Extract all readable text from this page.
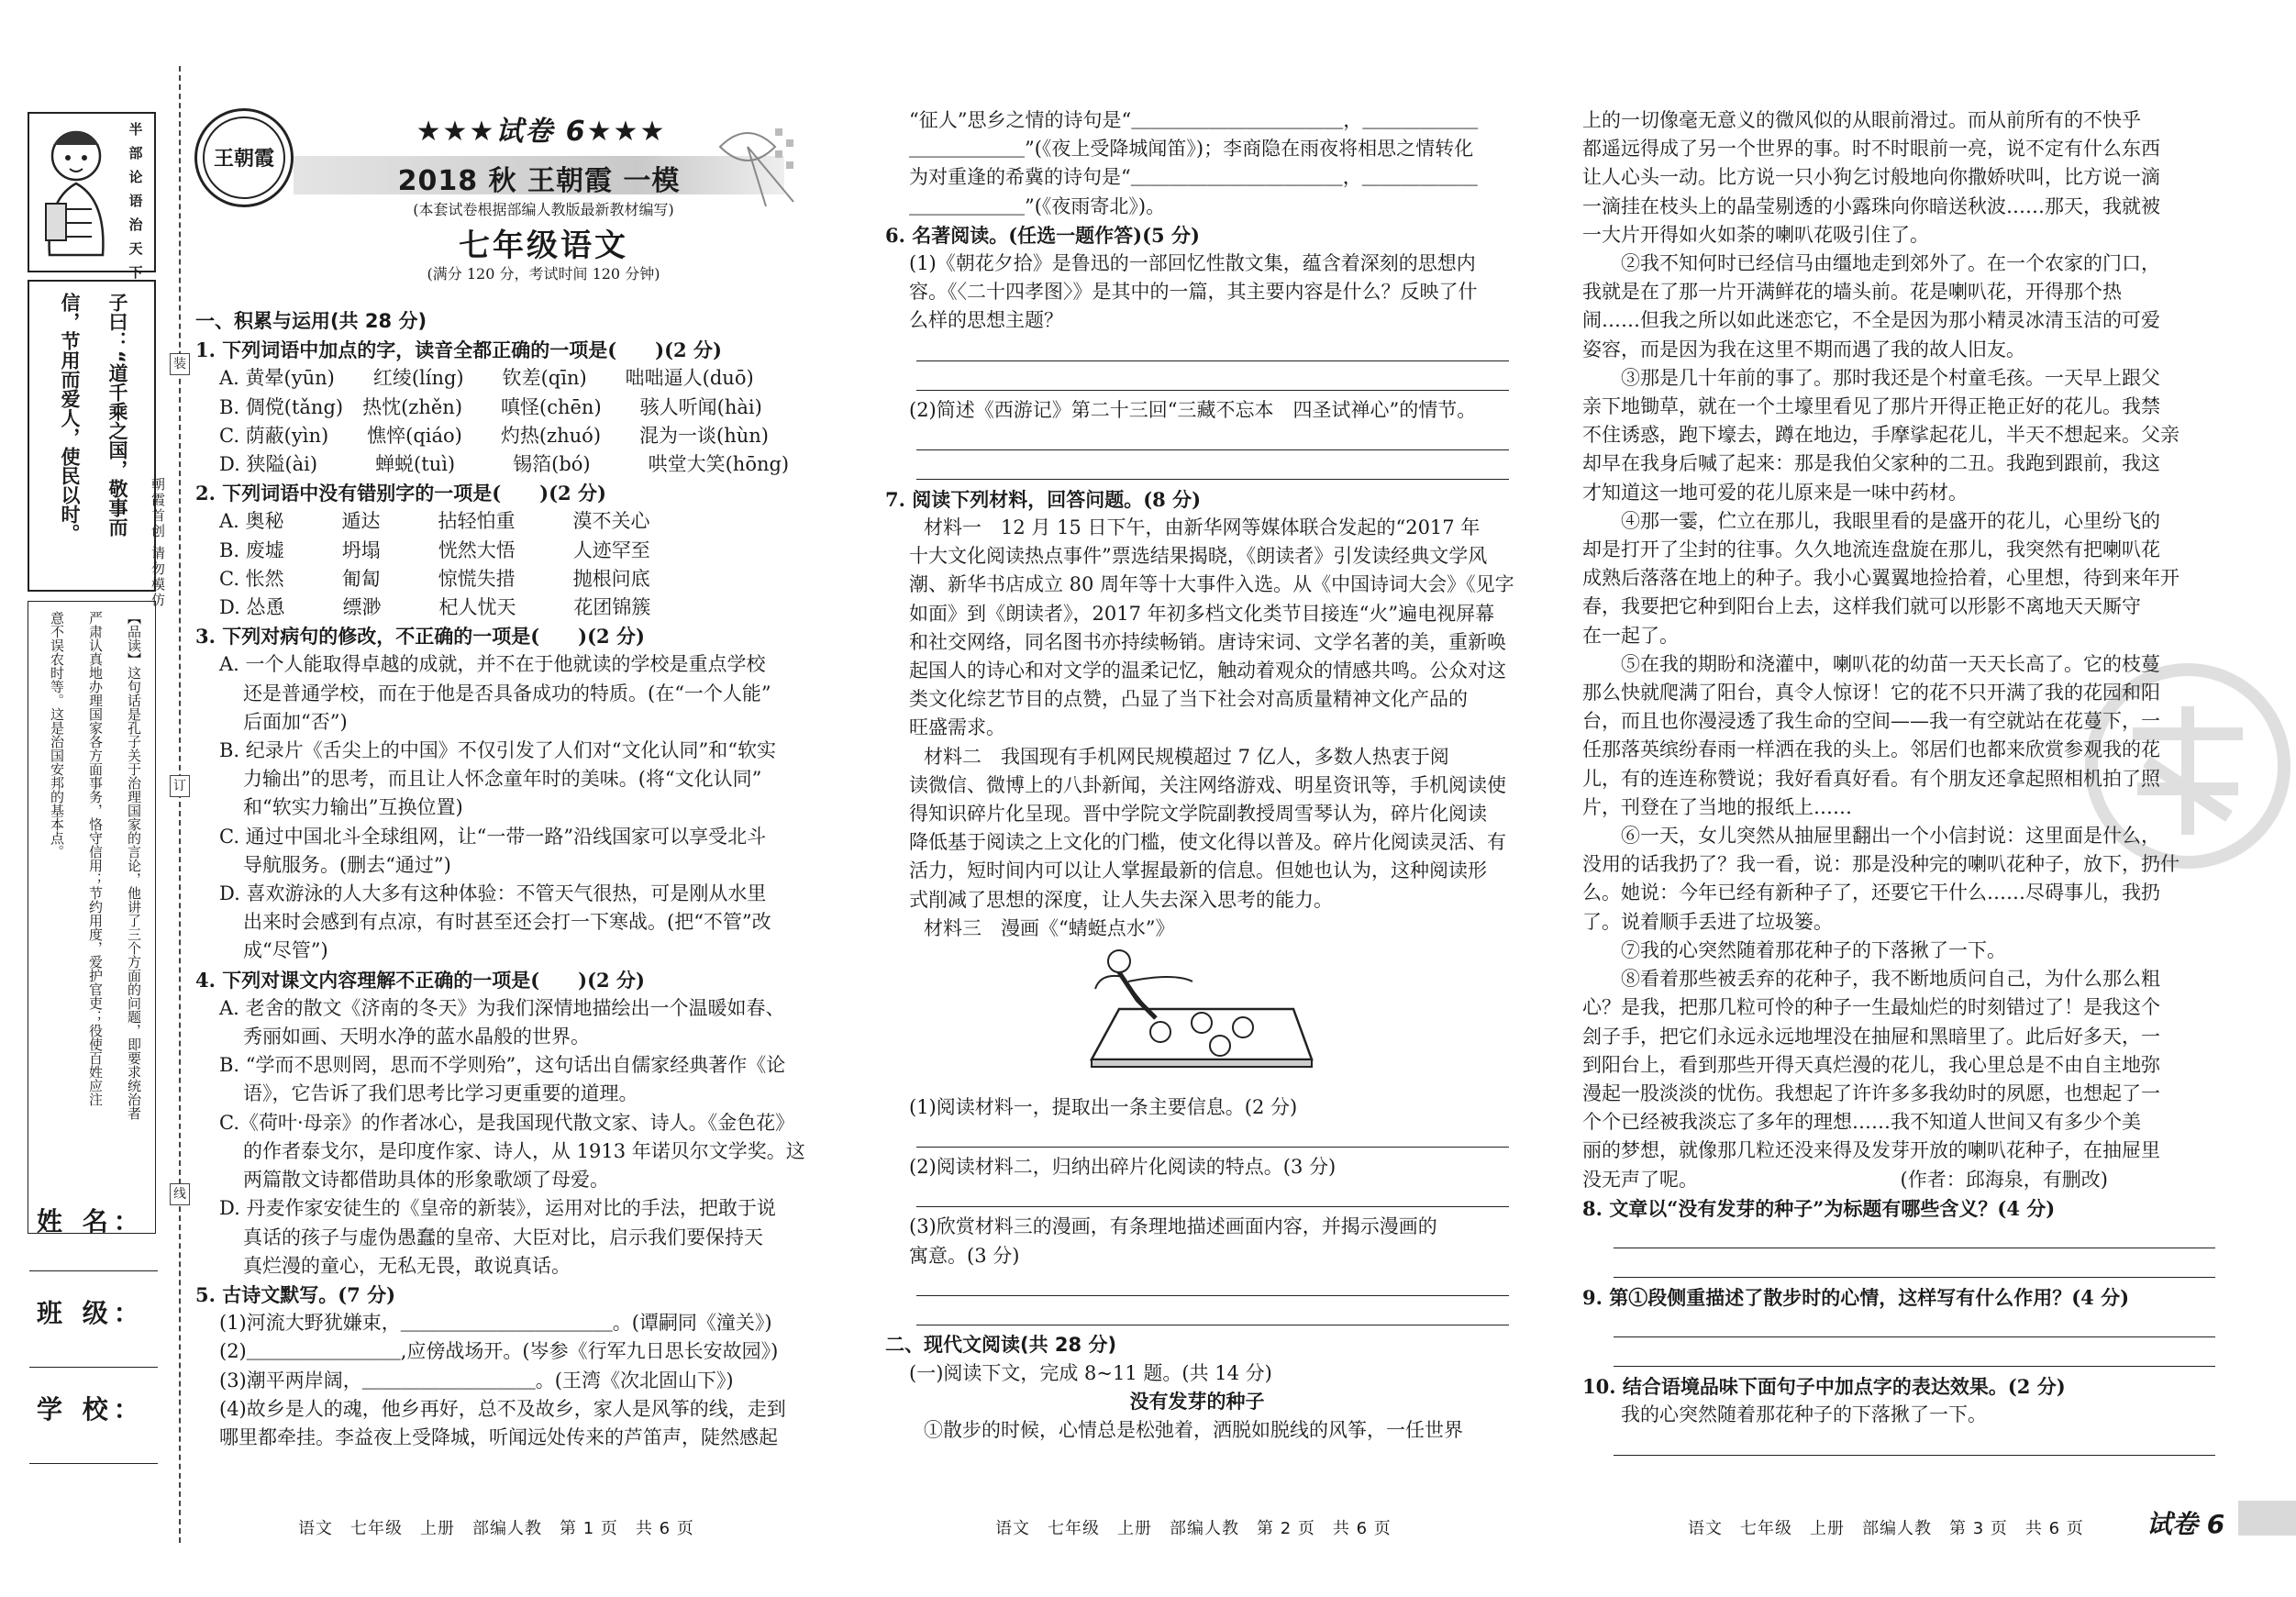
半
部
论
语
治
天
下
子曰：“道千乘之国，敬事而
信，节用而爱人，使民以时。
【品读】这句话是孔子关于治理国家的言论，他讲了三个方面的问题，即要求统治者
严肃认真地办理国家各方面事务，恪守信用；节约用度，爱护官吏；役使百姓应注
意不误农时等。这是治国安邦的基本点。
装
订
线
朝霞首创 请勿模仿
姓 名：
班 级：
学 校：
王朝霞
★★★试卷 6★★★
2018 秋 王朝霞 一模
(本套试卷根据部编人教版最新教材编写)
七年级语文
(满分 120 分，考试时间 120 分钟)

一、积累与运用(共 28 分)

1. 下列词语中加点的字，读音全都正确的一项是(　　)(2 分)

A. 黄晕(yūn)　　红绫(líng)　　钦差(qīn)　　咄咄逼人(duō)

B. 倜傥(tǎng)　热忱(zhěn)　　嗔怪(chēn)　　骇人听闻(hài)

C. 荫蔽(yìn)　　憔悴(qiáo)　　灼热(zhuó)　　混为一谈(hùn)

D. 狭隘(ài)　　　蝉蜕(tuì)　　　锡箔(bó)　　　哄堂大笑(hōng)

2. 下列词语中没有错别字的一项是(　　)(2 分)

A. 奥秘　　　遁达　　　拈轻怕重　　　漠不关心

B. 废墟　　　坍塌　　　恍然大悟　　　人迹罕至

C. 怅然　　　匍匐　　　惊慌失措　　　抛根问底

D. 怂恿　　　缥渺　　　杞人忧天　　　花团锦簇

3. 下列对病句的修改，不正确的一项是(　　)(2 分)

A. 一个人能取得卓越的成就，并不在于他就读的学校是重点学校

还是普通学校，而在于他是否具备成功的特质。(在“一个人能”

后面加“否”)

B. 纪录片《舌尖上的中国》不仅引发了人们对“文化认同”和“软实

力输出”的思考，而且让人怀念童年时的美味。(将“文化认同”

和“软实力输出”互换位置)

C. 通过中国北斗全球组网，让“一带一路”沿线国家可以享受北斗

导航服务。(删去“通过”)

D. 喜欢游泳的人大多有这种体验：不管天气很热，可是刚从水里

出来时会感到有点凉，有时甚至还会打一下寒战。(把“不管”改

成“尽管”)

4. 下列对课文内容理解不正确的一项是(　　)(2 分)

A. 老舍的散文《济南的冬天》为我们深情地描绘出一个温暖如春、

秀丽如画、天明水净的蓝水晶般的世界。

B. “学而不思则罔，思而不学则殆”，这句话出自儒家经典著作《论

语》，它告诉了我们思考比学习更重要的道理。

C.《荷叶·母亲》的作者冰心，是我国现代散文家、诗人。《金色花》

的作者泰戈尔，是印度作家、诗人，从 1913 年诺贝尔文学奖。这

两篇散文诗都借助具体的形象歌颂了母爱。

D. 丹麦作家安徒生的《皇帝的新装》，运用对比的手法，把敢于说

真话的孩子与虚伪愚蠢的皇帝、大臣对比，启示我们要保持天

真烂漫的童心，无私无畏，敢说真话。

5. 古诗文默写。(7 分)

(1)河流大野犹嫌束，＿＿＿＿＿＿＿＿＿＿＿。(谭嗣同《潼关》)

(2)＿＿＿＿＿＿＿＿,应傍战场开。(岑参《行军九日思长安故园》)

(3)潮平两岸阔，＿＿＿＿＿＿＿＿＿。(王湾《次北固山下》)

(4)故乡是人的魂，他乡再好，总不及故乡，家人是风筝的线，走到

哪里都牵挂。李益夜上受降城，听闻远处传来的芦笛声，陡然感起

“征人”思乡之情的诗句是“＿＿＿＿＿＿＿＿＿＿＿，＿＿＿＿＿＿

＿＿＿＿＿＿”(《夜上受降城闻笛》)；李商隐在雨夜将相思之情转化

为对重逢的希冀的诗句是“＿＿＿＿＿＿＿＿＿＿＿，＿＿＿＿＿＿

＿＿＿＿＿＿”(《夜雨寄北》)。

6. 名著阅读。(任选一题作答)(5 分)

(1)《朝花夕拾》是鲁迅的一部回忆性散文集，蕴含着深刻的思想内

容。《〈二十四孝图〉》是其中的一篇，其主要内容是什么？反映了什

么样的思想主题？

(2)简述《西游记》第二十三回“三藏不忘本　四圣试禅心”的情节。

7. 阅读下列材料，回答问题。(8 分)

材料一　12 月 15 日下午，由新华网等媒体联合发起的“2017 年

十大文化阅读热点事件”票选结果揭晓，《朗读者》引发读经典文学风

潮、新华书店成立 80 周年等十大事件入选。从《中国诗词大会》《见字

如面》到《朗读者》，2017 年初多档文化类节目接连“火”遍电视屏幕

和社交网络，同名图书亦持续畅销。唐诗宋词、文学名著的美，重新唤

起国人的诗心和对文学的温柔记忆，触动着观众的情感共鸣。公众对这

类文化综艺节目的点赞，凸显了当下社会对高质量精神文化产品的

旺盛需求。

材料二　我国现有手机网民规模超过 7 亿人，多数人热衷于阅

读微信、微博上的八卦新闻，关注网络游戏、明星资讯等，手机阅读使

得知识碎片化呈现。晋中学院文学院副教授周雪琴认为，碎片化阅读

降低基于阅读之上文化的门槛，使文化得以普及。碎片化阅读灵活、有

活力，短时间内可以让人掌握最新的信息。但她也认为，这种阅读形

式削减了思想的深度，让人失去深入思考的能力。

材料三　漫画《“蜻蜓点水”》

(1)阅读材料一，提取出一条主要信息。(2 分)

(2)阅读材料二，归纳出碎片化阅读的特点。(3 分)

(3)欣赏材料三的漫画，有条理地描述画面内容，并揭示漫画的

寓意。(3 分)

二、现代文阅读(共 28 分)

(一)阅读下文，完成 8~11 题。(共 14 分)

没有发芽的种子

①散步的时候，心情总是松弛着，洒脱如脱线的风筝，一任世界

上的一切像毫无意义的微风似的从眼前滑过。而从前所有的不快乎

都遥远得成了另一个世界的事。时不时眼前一亮，说不定有什么东西

让人心头一动。比方说一只小狗乞讨般地向你撒娇吠叫，比方说一滴

一滴挂在枝头上的晶莹剔透的小露珠向你暗送秋波……那天，我就被

一大片开得如火如荼的喇叭花吸引住了。

②我不知何时已经信马由缰地走到郊外了。在一个农家的门口，

我就是在了那一片开满鲜花的墙头前。花是喇叭花，开得那个热

闹……但我之所以如此迷恋它，不全是因为那小精灵冰清玉洁的可爱

姿容，而是因为我在这里不期而遇了我的故人旧友。

③那是几十年前的事了。那时我还是个村童毛孩。一天早上跟父

亲下地锄草，就在一个土壕里看见了那片开得正艳正好的花儿。我禁

不住诱惑，跑下壕去，蹲在地边，手摩挲起花儿，半天不想起来。父亲

却早在我身后喊了起来：那是我伯父家种的二丑。我跑到跟前，我这

才知道这一地可爱的花儿原来是一味中药材。

④那一霎，伫立在那儿，我眼里看的是盛开的花儿，心里纷飞的

却是打开了尘封的往事。久久地流连盘旋在那儿，我突然有把喇叭花

成熟后落落在地上的种子。我小心翼翼地捡拾着，心里想，待到来年开

春，我要把它种到阳台上去，这样我们就可以形影不离地天天厮守

在一起了。

⑤在我的期盼和浇灌中，喇叭花的幼苗一天天长高了。它的枝蔓

那么快就爬满了阳台，真令人惊讶！它的花不只开满了我的花园和阳

台，而且也你漫浸透了我生命的空间——我一有空就站在花蔓下，一

任那落英缤纷春雨一样洒在我的头上。邻居们也都来欣赏参观我的花

儿，有的连连称赞说；我好看真好看。有个朋友还拿起照相机拍了照

片，刊登在了当地的报纸上……

⑥一天，女儿突然从抽屉里翻出一个小信封说：这里面是什么，

没用的话我扔了？我一看，说：那是没种完的喇叭花种子，放下，扔什

么。她说：今年已经有新种子了，还要它干什么……尽碍事儿，我扔

了。说着顺手丢进了垃圾篓。

⑦我的心突然随着那花种子的下落揪了一下。

⑧看着那些被丢弃的花种子，我不断地质问自己，为什么那么粗

心？是我，把那几粒可怜的种子一生最灿烂的时刻错过了！是我这个

刽子手，把它们永远永远地埋没在抽屉和黑暗里了。此后好多天，一

到阳台上，看到那些开得天真烂漫的花儿，我心里总是不由自主地弥

漫起一股淡淡的忧伤。我想起了许许多多我幼时的夙愿，也想起了一

个个已经被我淡忘了多年的理想……我不知道人世间又有多少个美

丽的梦想，就像那几粒还没来得及发芽开放的喇叭花种子，在抽屉里

没无声了呢。　　　　　　　　　　　(作者：邱海泉，有删改)

8. 文章以“没有发芽的种子”为标题有哪些含义？(4 分)

9. 第①段侧重描述了散步时的心情，这样写有什么作用？(4 分)

10. 结合语境品味下面句子中加点字的表达效果。(2 分)

我的心突然随着那花种子的下落揪了一下。

语文　七年级　上册　部编人教　第 1 页　共 6 页	语文　七年级　上册　部编人教　第 2 页　共 6 页	语文　七年级　上册　部编人教　第 3 页　共 6 页 试卷 6
